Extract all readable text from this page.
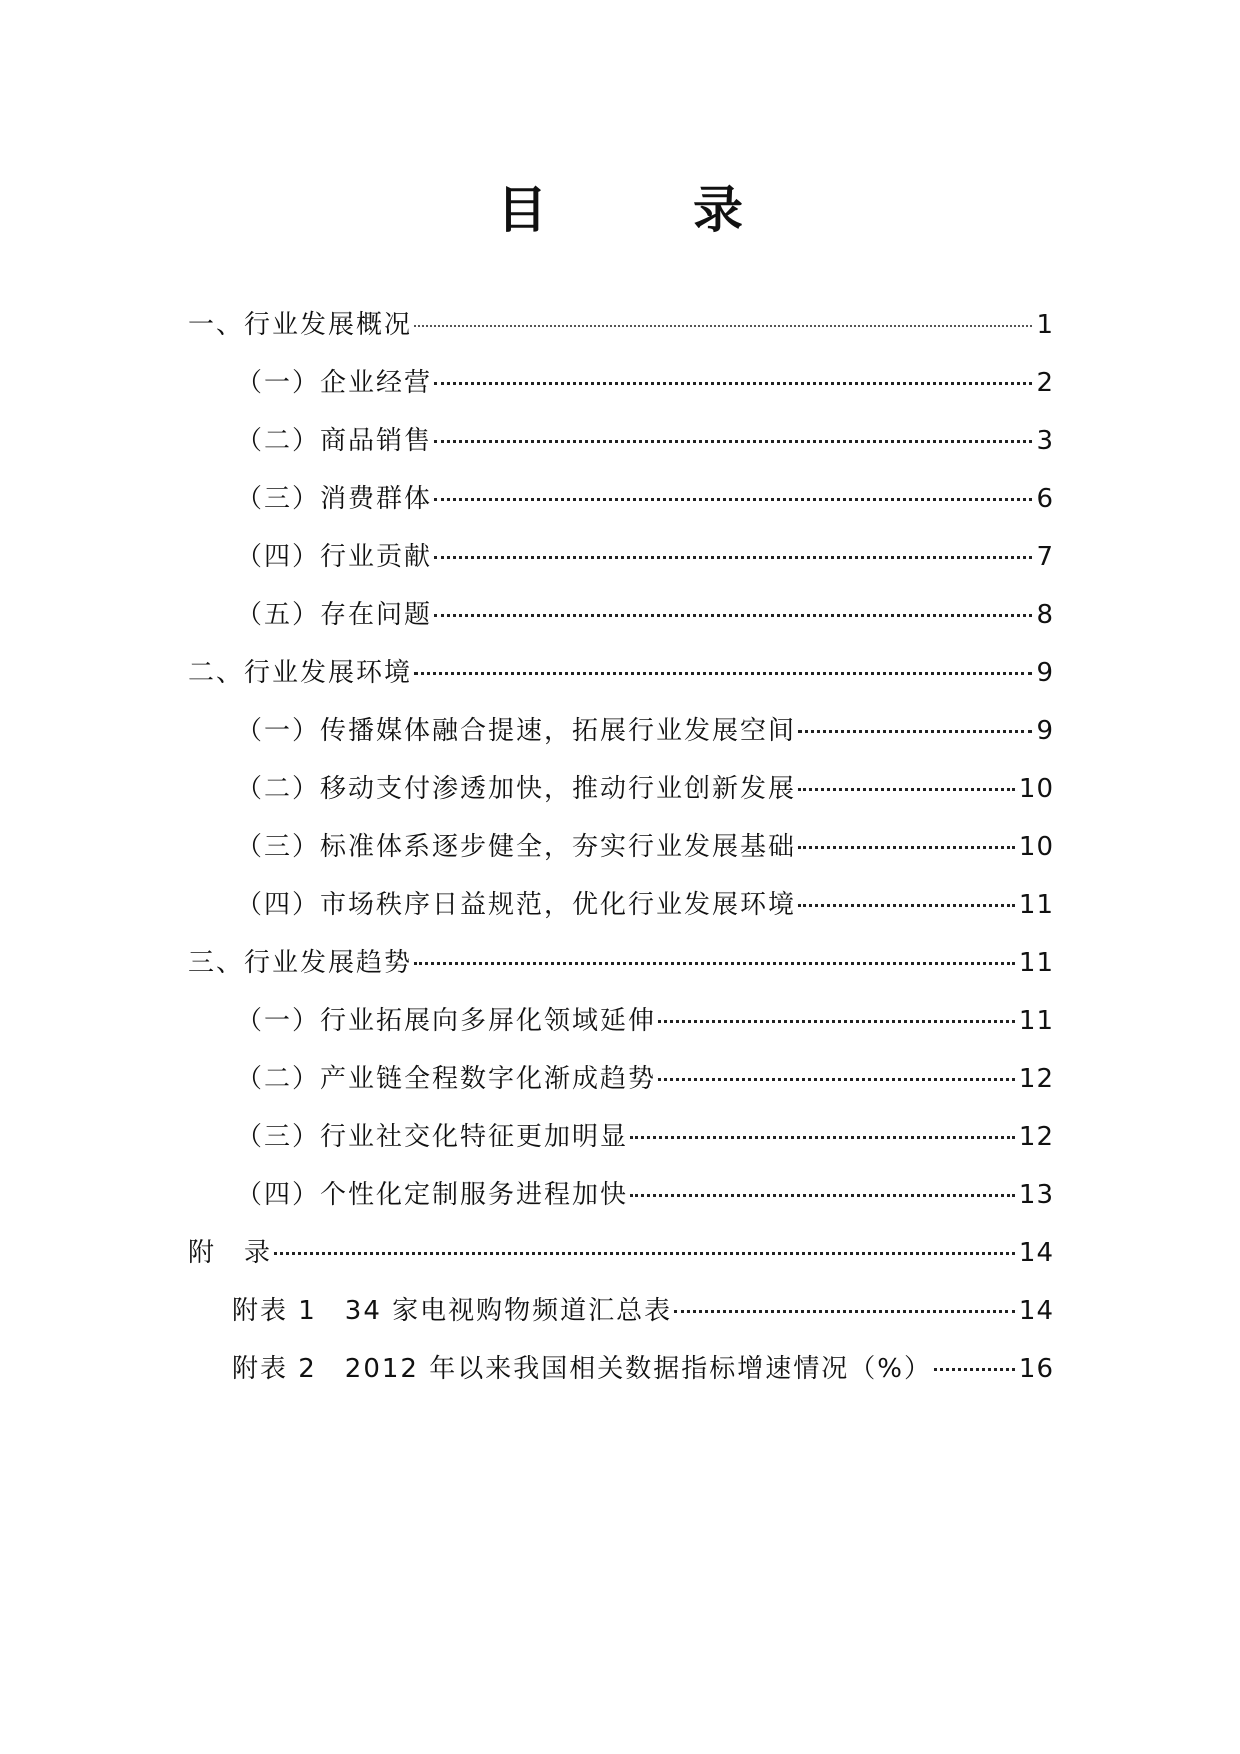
目　录
一、行业发展概况	1
（一）企业经营	2
（二）商品销售	3
（三）消费群体	6
（四）行业贡献	7
（五）存在问题	8
二、行业发展环境	9
（一）传播媒体融合提速，拓展行业发展空间	9
（二）移动支付渗透加快，推动行业创新发展	10
（三）标准体系逐步健全，夯实行业发展基础	10
（四）市场秩序日益规范，优化行业发展环境	11
三、行业发展趋势	11
（一）行业拓展向多屏化领域延伸	11
（二）产业链全程数字化渐成趋势	12
（三）行业社交化特征更加明显	12
（四）个性化定制服务进程加快	13
附　录	14
附表 1　34 家电视购物频道汇总表	14
附表 2　2012 年以来我国相关数据指标增速情况（%）	16
